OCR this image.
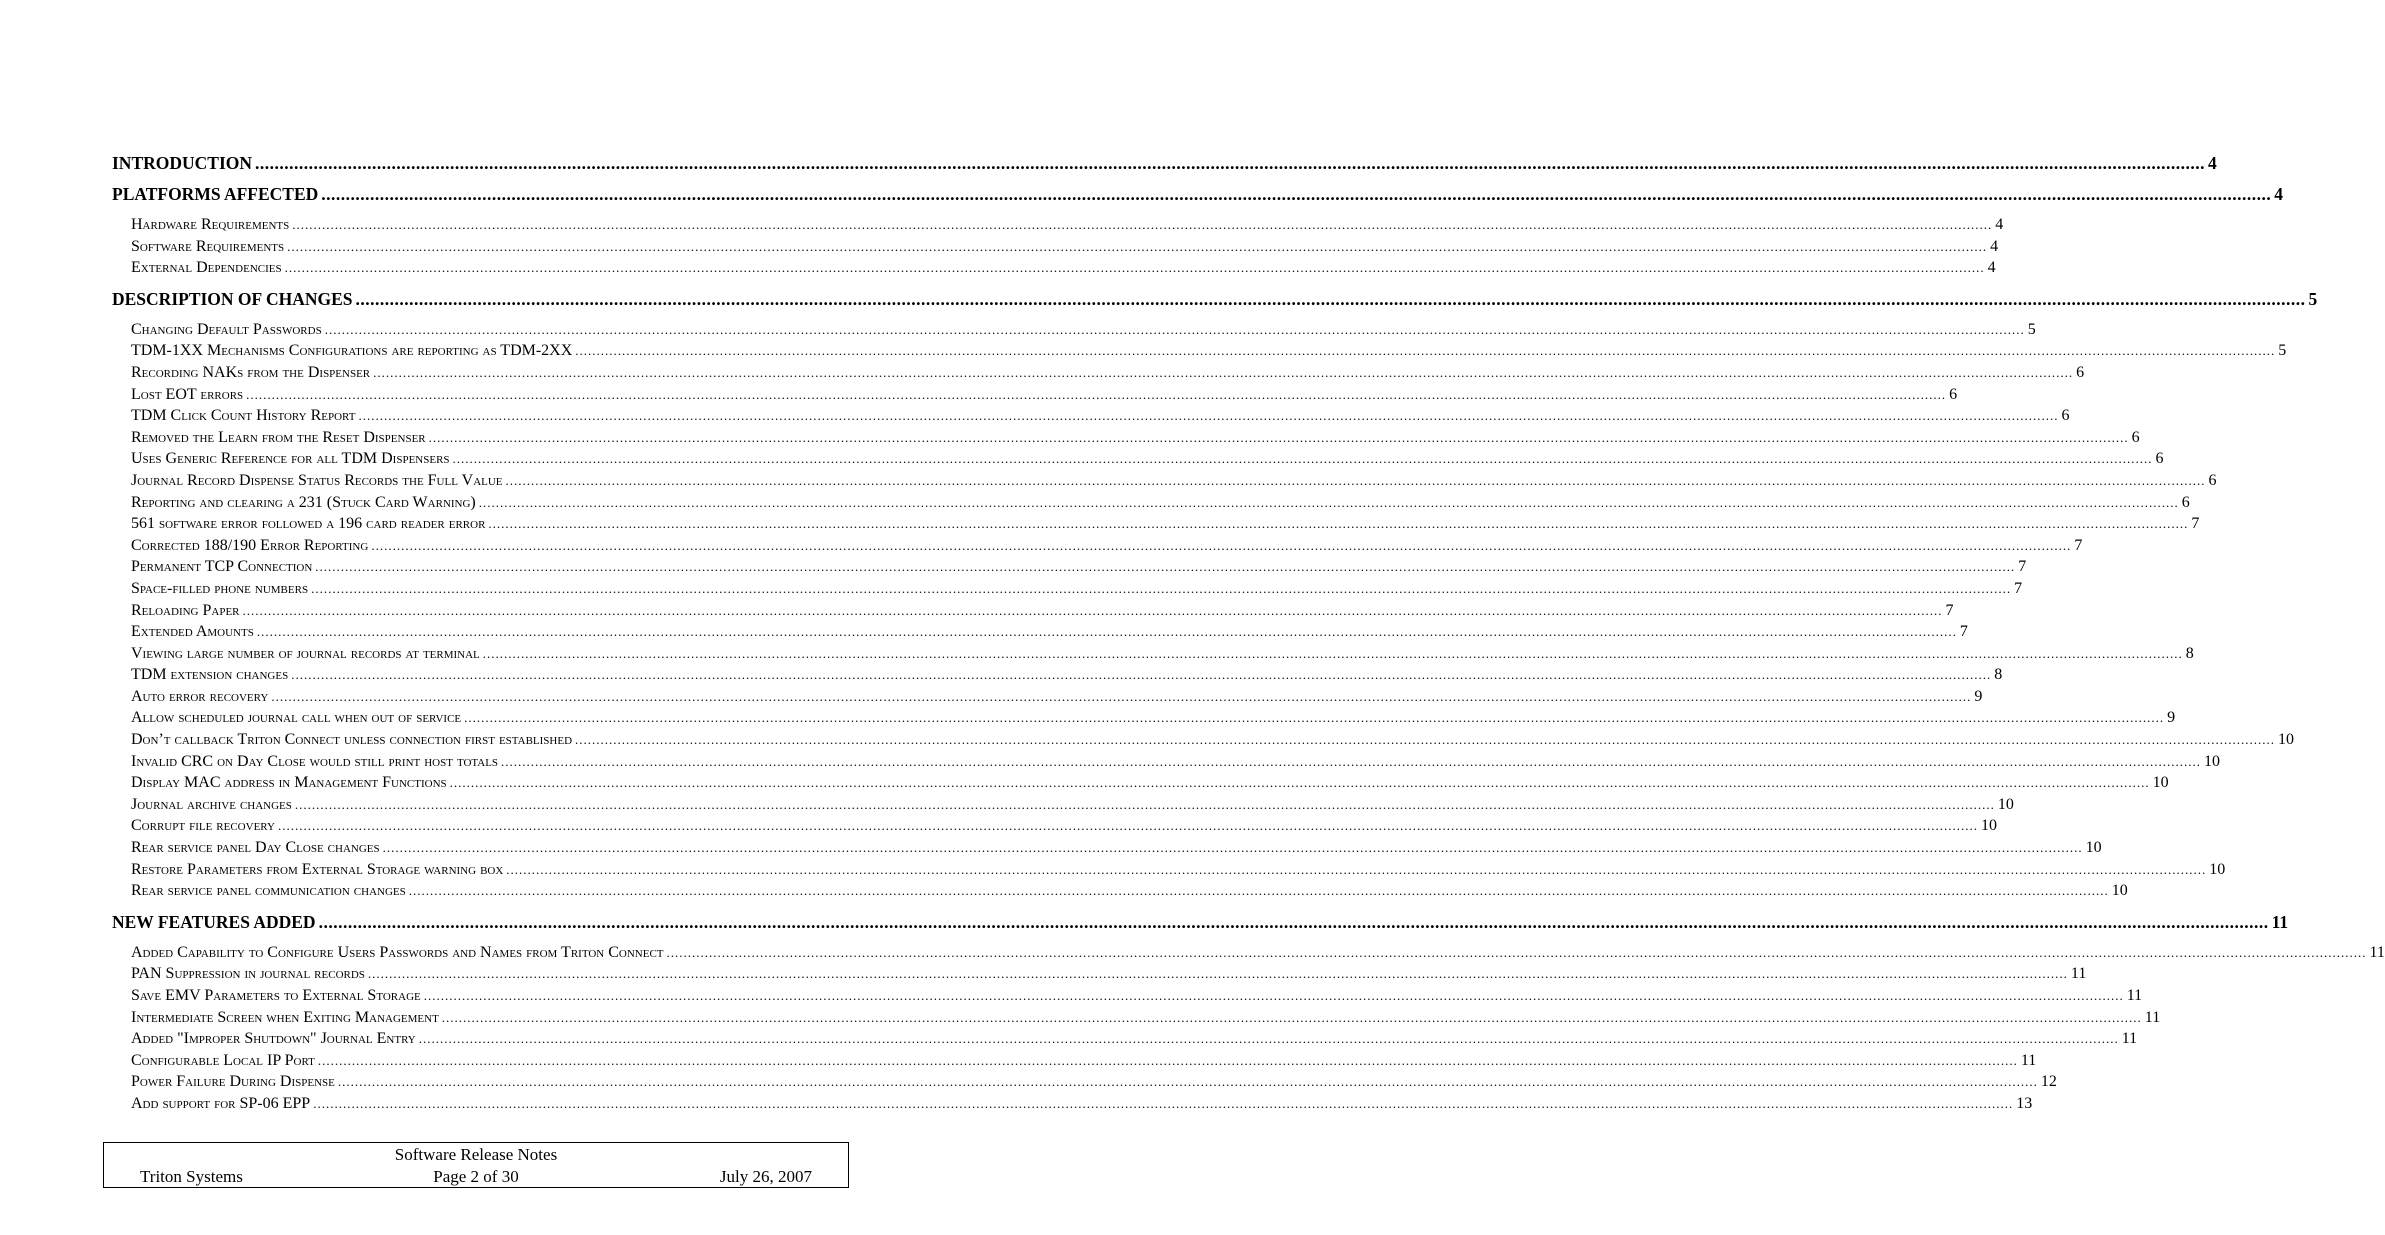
INTRODUCTION ................................................................................................................................................................................................................................................................................................................................................................................................................ 4
PLATFORMS AFFECTED ................................................................................................................................................................................................................................................................................................................................................................................................................ 4
Hardware Requirements ................................................................................................................................................................................................................................................................................................................................................................................................................ 4
Software Requirements ................................................................................................................................................................................................................................................................................................................................................................................................................ 4
External Dependencies ................................................................................................................................................................................................................................................................................................................................................................................................................ 4
DESCRIPTION OF CHANGES ................................................................................................................................................................................................................................................................................................................................................................................................................ 5
Changing Default Passwords ................................................................................................................................................................................................................................................................................................................................................................................................................ 5
TDM-1XX Mechanisms Configurations are reporting as TDM-2XX ................................................................................................................................................................................................................................................................................................................................................................................................................ 5
Recording NAKs from the Dispenser ................................................................................................................................................................................................................................................................................................................................................................................................................ 6
Lost EOT errors ................................................................................................................................................................................................................................................................................................................................................................................................................ 6
TDM Click Count History Report ................................................................................................................................................................................................................................................................................................................................................................................................................ 6
Removed the Learn from the Reset Dispenser ................................................................................................................................................................................................................................................................................................................................................................................................................ 6
Uses Generic Reference for all TDM Dispensers ................................................................................................................................................................................................................................................................................................................................................................................................................ 6
Journal Record Dispense Status Records the Full Value ................................................................................................................................................................................................................................................................................................................................................................................................................ 6
Reporting and clearing a 231 (Stuck Card Warning) ................................................................................................................................................................................................................................................................................................................................................................................................................ 6
561 software error followed a 196 card reader error ................................................................................................................................................................................................................................................................................................................................................................................................................ 7
Corrected 188/190 Error Reporting ................................................................................................................................................................................................................................................................................................................................................................................................................ 7
Permanent TCP Connection ................................................................................................................................................................................................................................................................................................................................................................................................................ 7
Space-filled phone numbers ................................................................................................................................................................................................................................................................................................................................................................................................................ 7
Reloading Paper ................................................................................................................................................................................................................................................................................................................................................................................................................ 7
Extended Amounts ................................................................................................................................................................................................................................................................................................................................................................................................................ 7
Viewing large number of journal records at terminal ................................................................................................................................................................................................................................................................................................................................................................................................................ 8
TDM extension changes ................................................................................................................................................................................................................................................................................................................................................................................................................ 8
Auto error recovery ................................................................................................................................................................................................................................................................................................................................................................................................................ 9
Allow scheduled journal call when out of service ................................................................................................................................................................................................................................................................................................................................................................................................................ 9
Don’t callback Triton Connect unless connection first established ................................................................................................................................................................................................................................................................................................................................................................................................................ 10
Invalid CRC on Day Close would still print host totals ................................................................................................................................................................................................................................................................................................................................................................................................................ 10
Display MAC address in Management Functions ................................................................................................................................................................................................................................................................................................................................................................................................................ 10
Journal archive changes ................................................................................................................................................................................................................................................................................................................................................................................................................ 10
Corrupt file recovery ................................................................................................................................................................................................................................................................................................................................................................................................................ 10
Rear service panel Day Close changes ................................................................................................................................................................................................................................................................................................................................................................................................................ 10
Restore Parameters from External Storage warning box ................................................................................................................................................................................................................................................................................................................................................................................................................ 10
Rear service panel communication changes ................................................................................................................................................................................................................................................................................................................................................................................................................ 10
NEW FEATURES ADDED ................................................................................................................................................................................................................................................................................................................................................................................................................ 11
Added Capability to Configure Users Passwords and Names from Triton Connect ................................................................................................................................................................................................................................................................................................................................................................................................................ 11
PAN Suppression in journal records ................................................................................................................................................................................................................................................................................................................................................................................................................ 11
Save EMV Parameters to External Storage ................................................................................................................................................................................................................................................................................................................................................................................................................ 11
Intermediate Screen when Exiting Management ................................................................................................................................................................................................................................................................................................................................................................................................................ 11
Added "Improper Shutdown" Journal Entry ................................................................................................................................................................................................................................................................................................................................................................................................................ 11
Configurable Local IP Port ................................................................................................................................................................................................................................................................................................................................................................................................................ 11
Power Failure During Dispense ................................................................................................................................................................................................................................................................................................................................................................................................................ 12
Add support for SP-06 EPP ................................................................................................................................................................................................................................................................................................................................................................................................................ 13
Software Release Notes
Triton Systems	Page 2 of 30	July 26, 2007
